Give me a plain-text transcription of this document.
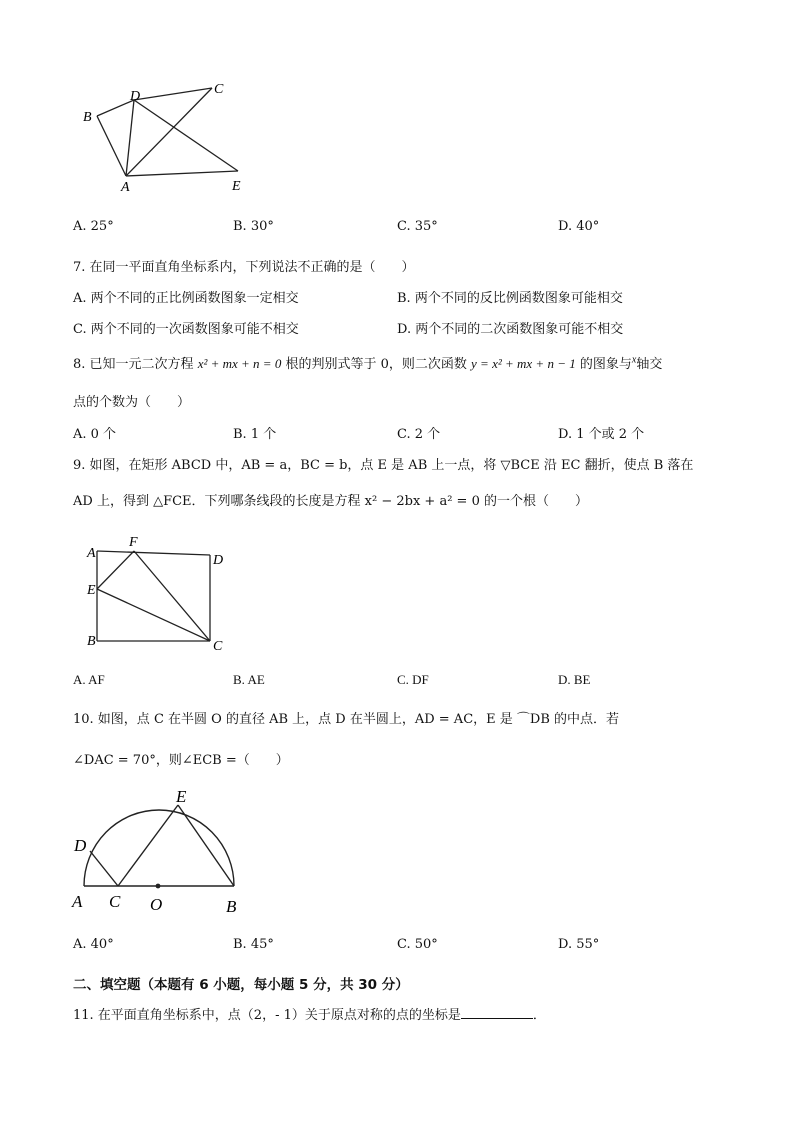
B
D	C
A	E
A. 25°	B. 30°	C. 35°	D. 40°
7. 在同一平面直角坐标系内，下列说法不正确的是（　　）
A. 两个不同的正比例函数图象一定相交	B. 两个不同的反比例函数图象可能相交
C. 两个不同的一次函数图象可能不相交	D. 两个不同的二次函数图象可能不相交
8. 已知一元二次方程 x² + mx + n = 0 根的判别式等于 0，则二次函数 y = x² + mx + n − 1 的图象与$^x$轴交
点的个数为（　　）
A. 0 个	B. 1 个	C. 2 个	D. 1 个或 2 个
9. 如图，在矩形 ABCD 中，AB = a，BC = b，点 E 是 AB 上一点，将 ▽BCE 沿 EC 翻折，使点 B 落在
AD 上，得到 △FCE．下列哪条线段的长度是方程 x² − 2bx + a² = 0 的一个根（　　）
A
F
D
E
B	C
A. AF	B. AE	C. DF	D. BE
10. 如图，点 C 在半圆 O 的直径 AB 上，点 D 在半圆上，AD = AC，E 是 ⌒DB 的中点．若
∠DAC = 70°，则∠ECB =（　　）
E
D
A C O	B
A. 40°	B. 45°	C. 50°	D. 55°
二、填空题（本题有 6 小题，每小题 5 分，共 30 分）
11. 在平面直角坐标系中，点（2，- 1）关于原点对称的点的坐标是	．
